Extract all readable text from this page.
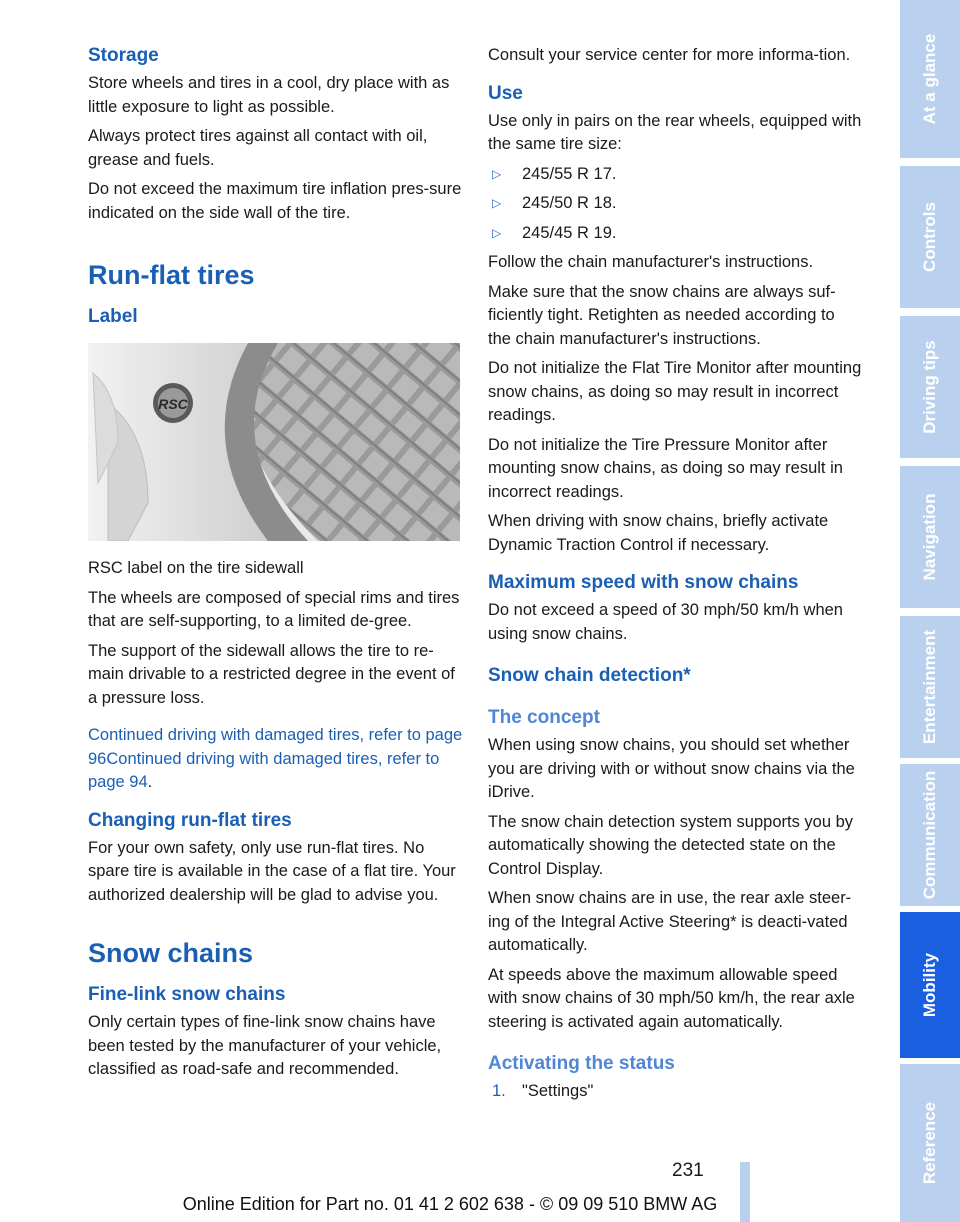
Storage

Store wheels and tires in a cool, dry place with as little exposure to light as possible.

Always protect tires against all contact with oil, grease and fuels.

Do not exceed the maximum tire inflation pres-sure indicated on the side wall of the tire.

Run-flat tires
Label
RSC

RSC label on the tire sidewall

The wheels are composed of special rims and tires that are self-supporting, to a limited de-gree.

The support of the sidewall allows the tire to re-main drivable to a restricted degree in the event of a pressure loss.

Continued driving with damaged tires, refer to page 96Continued driving with damaged tires, refer to page 94.

Changing run-flat tires

For your own safety, only use run-flat tires. No spare tire is available in the case of a flat tire. Your authorized dealership will be glad to advise you.

Snow chains
Fine-link snow chains

Only certain types of fine-link snow chains have been tested by the manufacturer of your vehicle, classified as road-safe and recommended.

Consult your service center for more informa-tion.

Use

Use only in pairs on the rear wheels, equipped with the same tire size:

▷	245/55 R 17.
▷	245/50 R 18.
▷	245/45 R 19.

Follow the chain manufacturer's instructions.

Make sure that the snow chains are always suf-ficiently tight. Retighten as needed according to the chain manufacturer's instructions.

Do not initialize the Flat Tire Monitor after mounting snow chains, as doing so may result in incorrect readings.

Do not initialize the Tire Pressure Monitor after mounting snow chains, as doing so may result in incorrect readings.

When driving with snow chains, briefly activate Dynamic Traction Control if necessary.

Maximum speed with snow chains

Do not exceed a speed of 30 mph/50 km/h when using snow chains.

Snow chain detection*
The concept

When using snow chains, you should set whether you are driving with or without snow chains via the iDrive.

The snow chain detection system supports you by automatically showing the detected state on the Control Display.

When snow chains are in use, the rear axle steer-ing of the Integral Active Steering* is deacti-vated automatically.

At speeds above the maximum allowable speed with snow chains of 30 mph/50 km/h, the rear axle steering is activated again automatically.

Activating the status
1. "Settings"
At a glance
Controls
Driving tips
Navigation
Entertainment
Communication
Mobility
Reference
231
Online Edition for Part no. 01 41 2 602 638 - © 09 09 510 BMW AG
